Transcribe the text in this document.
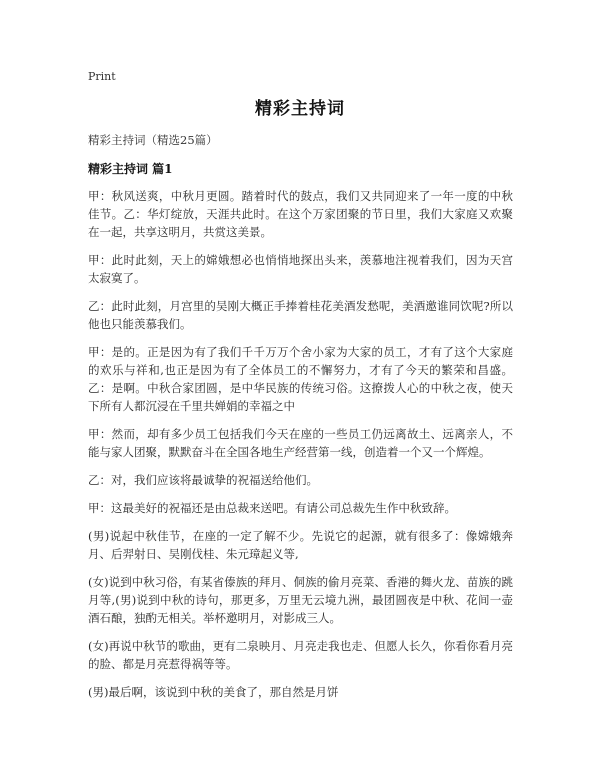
Print
精彩主持词

精彩主持词（精选25篇）

精彩主持词 篇1

甲：秋风送爽，中秋月更圆。踏着时代的鼓点，我们又共同迎来了一年一度的中秋佳节。乙：华灯绽放，天涯共此时。在这个万家团聚的节日里，我们大家庭又欢聚在一起，共享这明月，共赏这美景。

甲：此时此刻，天上的嫦娥想必也悄悄地探出头来，羡慕地注视着我们，因为天宫太寂寞了。

乙：此时此刻，月宫里的吴刚大概正手捧着桂花美酒发愁呢，美酒邀谁同饮呢?所以他也只能羡慕我们。

甲：是的。正是因为有了我们千千万万个舍小家为大家的员工，才有了这个大家庭的欢乐与祥和,也正是因为有了全体员工的不懈努力，才有了今天的繁荣和昌盛。乙：是啊。中秋合家团圆，是中华民族的传统习俗。这撩拨人心的中秋之夜，使天下所有人都沉浸在千里共婵娟的幸福之中

甲：然而，却有多少员工包括我们今天在座的一些员工仍远离故土、远离亲人，不能与家人团聚，默默奋斗在全国各地生产经营第一线，创造着一个又一个辉煌。

乙：对，我们应该将最诚挚的祝福送给他们。

甲：这最美好的祝福还是由总裁来送吧。有请公司总裁先生作中秋致辞。

(男)说起中秋佳节，在座的一定了解不少。先说它的起源，就有很多了：像嫦娥奔月、后羿射日、吴刚伐桂、朱元璋起义等,

(女)说到中秋习俗，有某省傣族的拜月、侗族的偷月亮菜、香港的舞火龙、苗族的跳月等,(男)说到中秋的诗句，那更多，万里无云境九洲，最团圆夜是中秋、花间一壶酒石酿，独酌无相关。举杯邀明月，对影成三人。

(女)再说中秋节的歌曲，更有二泉映月、月亮走我也走、但愿人长久，你看你看月亮的脸、都是月亮惹得祸等等。

(男)最后啊，该说到中秋的美食了，那自然是月饼
